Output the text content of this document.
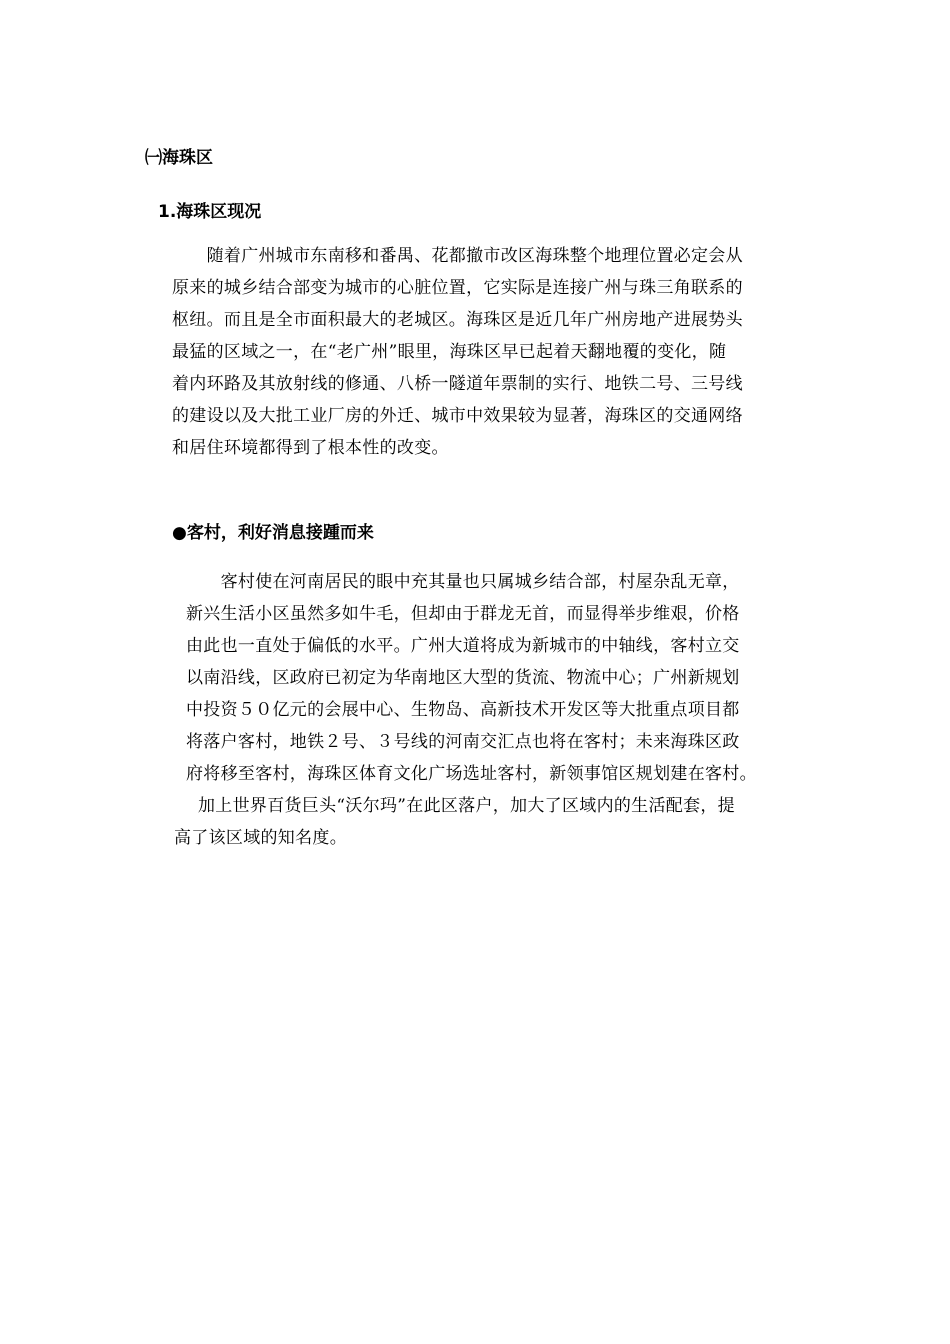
㈠海珠区
1.海珠区现况
　　随着广州城市东南移和番禺、花都撤市改区海珠整个地理位置必定会从
原来的城乡结合部变为城市的心脏位置，它实际是连接广州与珠三角联系的
枢纽。而且是全市面积最大的老城区。海珠区是近几年广州房地产进展势头
最猛的区域之一，在“老广州”眼里，海珠区早已起着天翻地覆的变化，随
着内环路及其放射线的修通、八桥一隧道年票制的实行、地铁二号、三号线
的建设以及大批工业厂房的外迁、城市中效果较为显著，海珠区的交通网络
和居住环境都得到了根本性的改变。
●客村，利好消息接踵而来
　　客村使在河南居民的眼中充其量也只属城乡结合部，村屋杂乱无章，
新兴生活小区虽然多如牛毛，但却由于群龙无首，而显得举步维艰，价格
由此也一直处于偏低的水平。广州大道将成为新城市的中轴线，客村立交
以南沿线，区政府已初定为华南地区大型的货流、物流中心；广州新规划
中投资５０亿元的会展中心、生物岛、高新技术开发区等大批重点项目都
将落户客村，地铁２号、３号线的河南交汇点也将在客村；未来海珠区政
府将移至客村，海珠区体育文化广场选址客村，新领事馆区规划建在客村。
加上世界百货巨头“沃尔玛”在此区落户，加大了区域内的生活配套，提
高了该区域的知名度。
